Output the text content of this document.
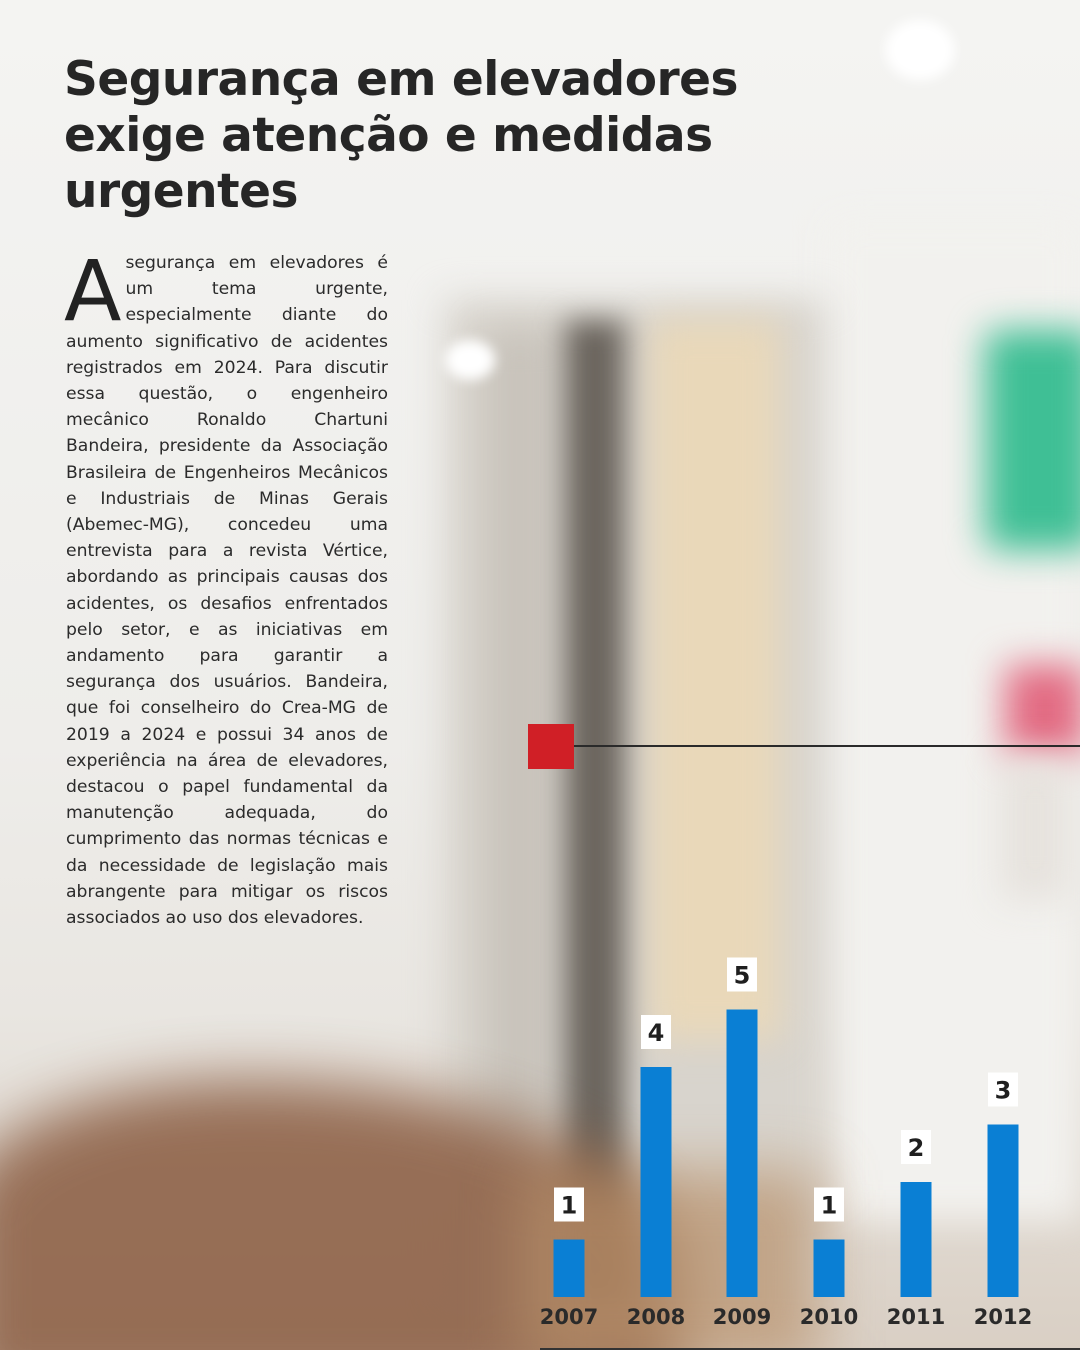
Segurança em elevadores exige atenção e medidas urgentes

Asegurança em elevadores é um tema urgente, especialmente diante do aumento significativo de acidentes registrados em 2024. Para discutir essa questão, o engenheiro mecânico Ronaldo Chartuni Bandeira, presidente da Associação Brasileira de Engenheiros Mecânicos e Industriais de Minas Gerais (Abemec-MG), concedeu uma entrevista para a revista Vértice, abordando as principais causas dos acidentes, os desafios enfrentados pelo setor, e as iniciativas em andamento para garantir a segurança dos usuários. Bandeira, que foi conselheiro do Crea-MG de 2019 a 2024 e possui 34 anos de experiência na área de elevadores, destacou o papel fundamental da manutenção adequada, do cumprimento das normas técnicas e da necessidade de legislação mais abrangente para mitigar os riscos associados ao uso dos elevadores.

1
4
5
1
2
3
2007 2008 2009 2010 2011 2012
